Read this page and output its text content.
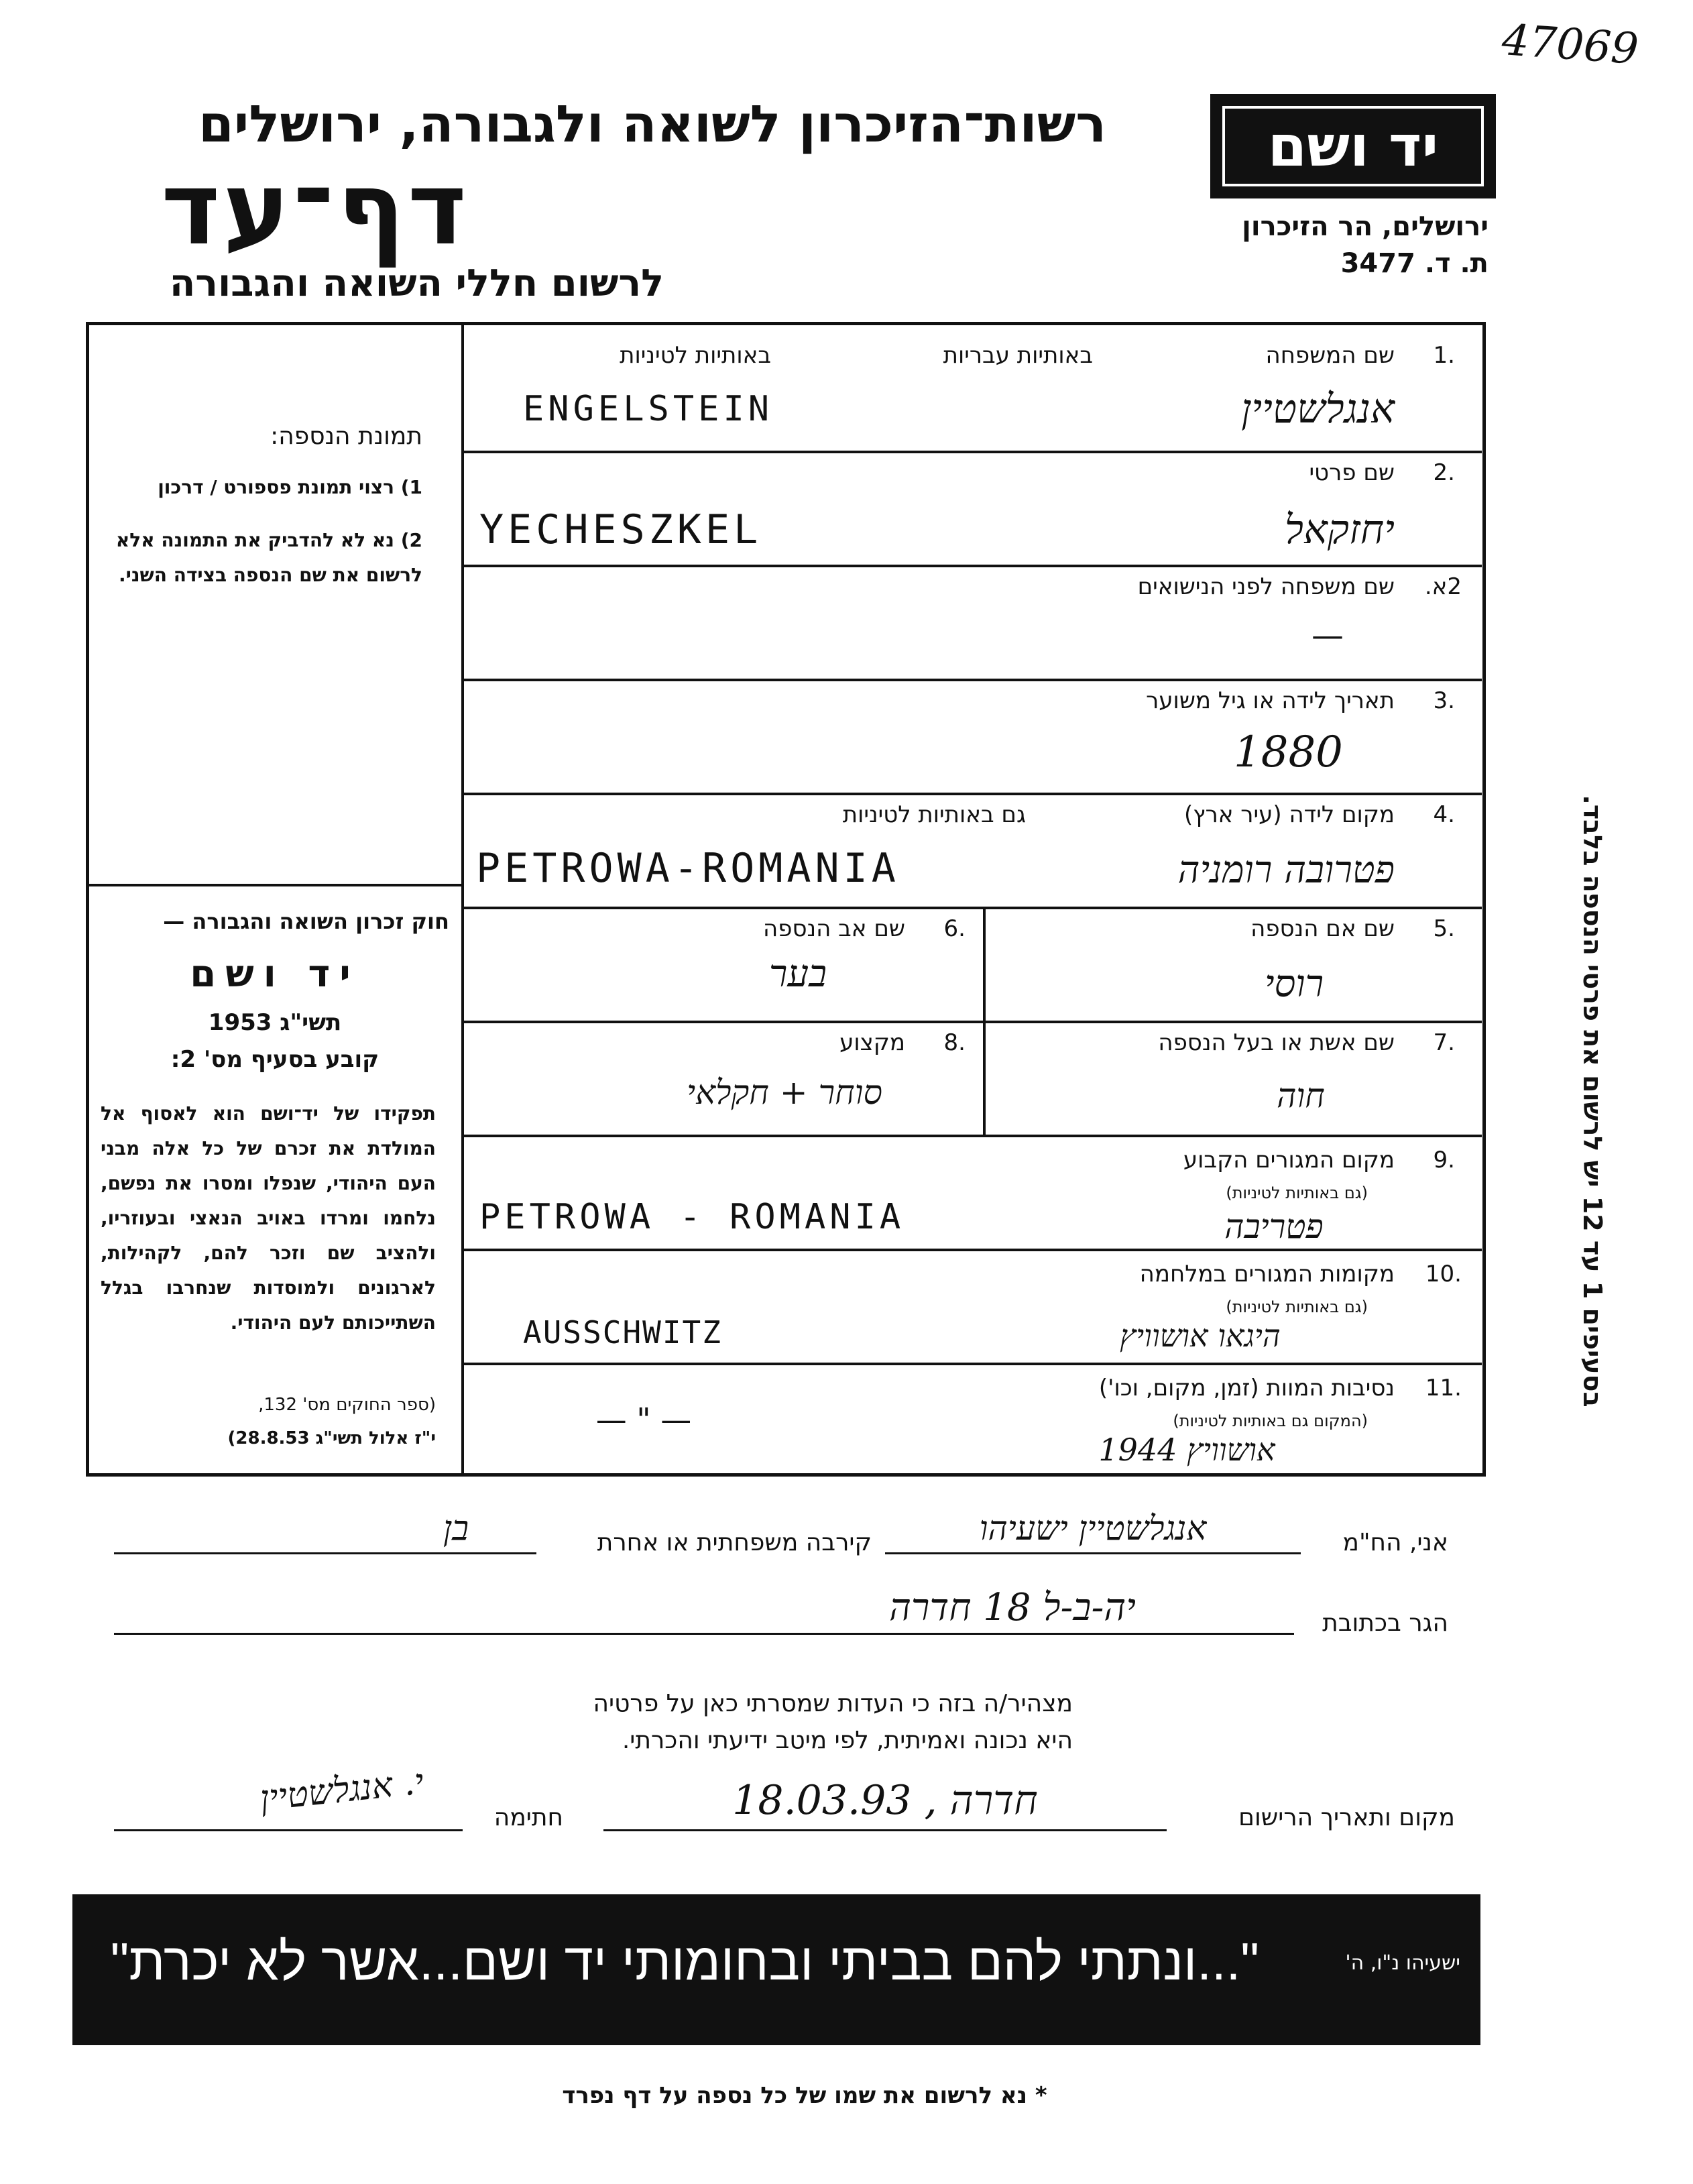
47069
רשות־הזיכרון לשואה ולגבורה, ירושלים
דף־עד
לרשום חללי השואה והגבורה
יד ושם
ירושלים, הר הזיכרון
ת. ד. 3477
תמונת הנספה:
1) רצוי תמונת פספורט / דרכון
2) נא לא להדביק את התמונה אלא לרשום את שם הנספה בצידה השני.
חוק זכרון השואה והגבורה —
יד ושם
תשי"ג 1953
קובע בסעיף מס' 2:
תפקידו של יד־ושם הוא לאסוף אל המולדת את זכרם של כל אלה מבני העם היהודי, שנפלו ומסרו את נפשם, נלחמו ומרדו באויב הנאצי ובעוזריו, ולהציב שם וזכר להם, לקהילות, לארגונים ולמוסדות שנחרבו בגלל השתייכותם לעם היהודי.
(ספר החוקים מס' 132,
י"ז אלול תשי"ג 28.8.53)
בסעיפים 1 עד 12 יש לרשום את פרטי הנספה בלבד.
1.
שם המשפחה
באותיות עבריות
באותיות לטיניות
אנגלשטיין
ENGELSTEIN
2.
שם פרטי
יחזקאל
YECHESZKEL
2א.
שם משפחה לפני הנישואים
—
3.
תאריך לידה או גיל משוער
1880
4.
מקום לידה (עיר ארץ)
גם באותיות לטיניות
פטרובה רומניה
PETROWA-ROMANIA
5.
שם אם הנספה
רוסי
6.
שם אב הנספה
בער
7.
שם אשת או בעל הנספה
חוה
8.
מקצוע
סוחר + חקלאי
9.
מקום המגורים הקבוע
(גם באותיות לטיניות)
פטריבה
PETROWA - ROMANIA
10.
מקומות המגורים במלחמה
(גם באותיות לטיניות)
היגאו אושוויץ
AUSSCHWITZ
11.
נסיבות המוות (זמן, מקום, וכו')
(המקום גם באותיות לטיניות)
אושוויץ 1944
— " —
אני, הח"מ
אנגלשטיין ישעיהו
קירבה משפחתית או אחרת
בן
הגר בכתובת
יה-ב-ל 18 חדרה
מצהיר/ה בזה כי העדות שמסרתי כאן על פרטיה
היא נכונה ואמיתית, לפי מיטב ידיעתי והכרתי.
מקום ותאריך הרישום
חדרה , 18.03.93
חתימה
י. אנגלשטיין
"...ונתתי להם בביתי ובחומותי יד ושם...אשר לא יכרת"	ישעיהו נ"ו, ה'
* נא לרשום את שמו של כל נספה על דף נפרד
